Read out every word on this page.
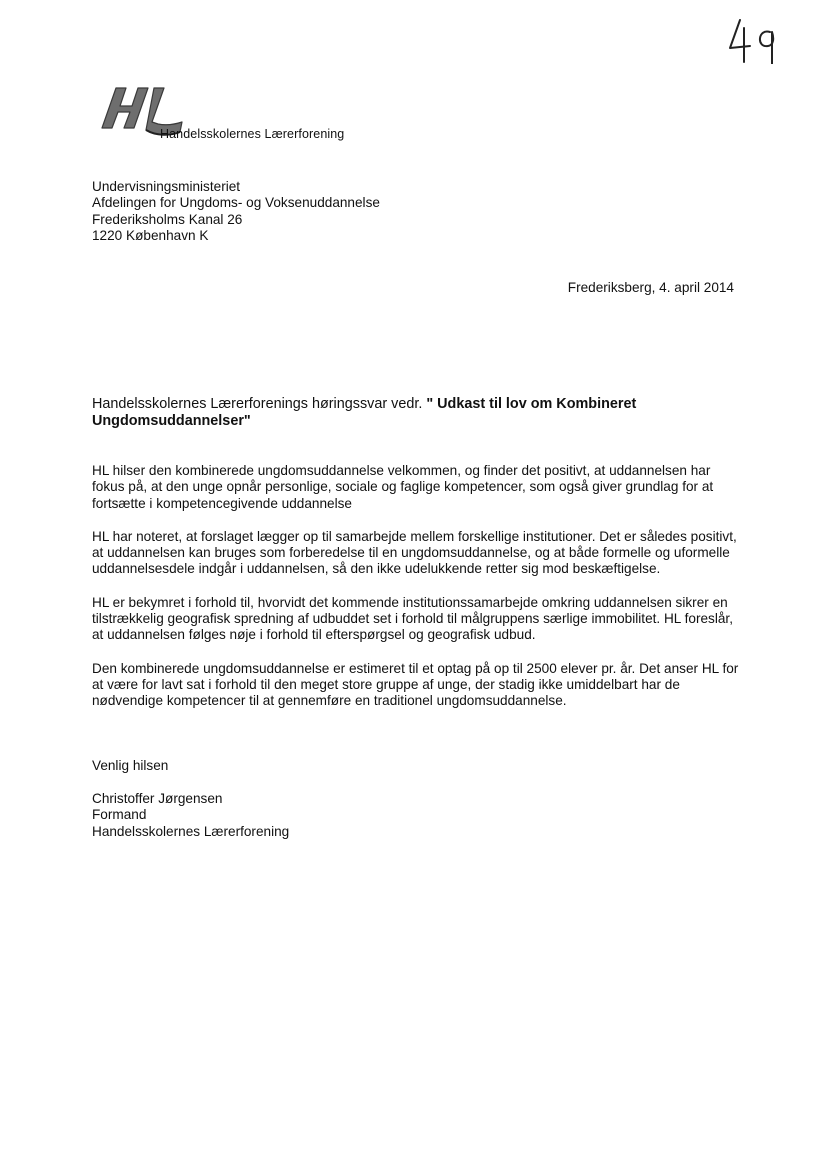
Handelsskolernes Lærerforening
Undervisningsministeriet
Afdelingen for Ungdoms- og Voksenuddannelse
Frederiksholms Kanal 26
1220 København K
Frederiksberg, 4. april 2014
Handelsskolernes Lærerforenings høringssvar vedr. " Udkast til lov om Kombineret Ungdomsuddannelser"

HL hilser den kombinerede ungdomsuddannelse velkommen, og finder det positivt, at uddannelsen har fokus på, at den unge opnår personlige, sociale og faglige kompetencer, som også giver grundlag for at fortsætte i kompetencegivende uddannelse

HL har noteret, at forslaget lægger op til samarbejde mellem forskellige institutioner. Det er således positivt, at uddannelsen kan bruges som forberedelse til en ungdomsuddannelse, og at både formelle og uformelle uddannelsesdele indgår i uddannelsen, så den ikke udelukkende retter sig mod beskæftigelse.

HL er bekymret i forhold til, hvorvidt det kommende institutionssamarbejde omkring uddannelsen sikrer en tilstrækkelig geografisk spredning af udbuddet set i forhold til målgruppens særlige immobilitet. HL foreslår, at uddannelsen følges nøje i forhold til efterspørgsel og geografisk udbud.

Den kombinerede ungdomsuddannelse er estimeret til et optag på op til 2500 elever pr. år. Det anser HL for at være for lavt sat i forhold til den meget store gruppe af unge, der stadig ikke umiddelbart har de nødvendige kompetencer til at gennemføre en traditionel ungdomsuddannelse.

Venlig hilsen
Christoffer Jørgensen
Formand
Handelsskolernes Lærerforening
